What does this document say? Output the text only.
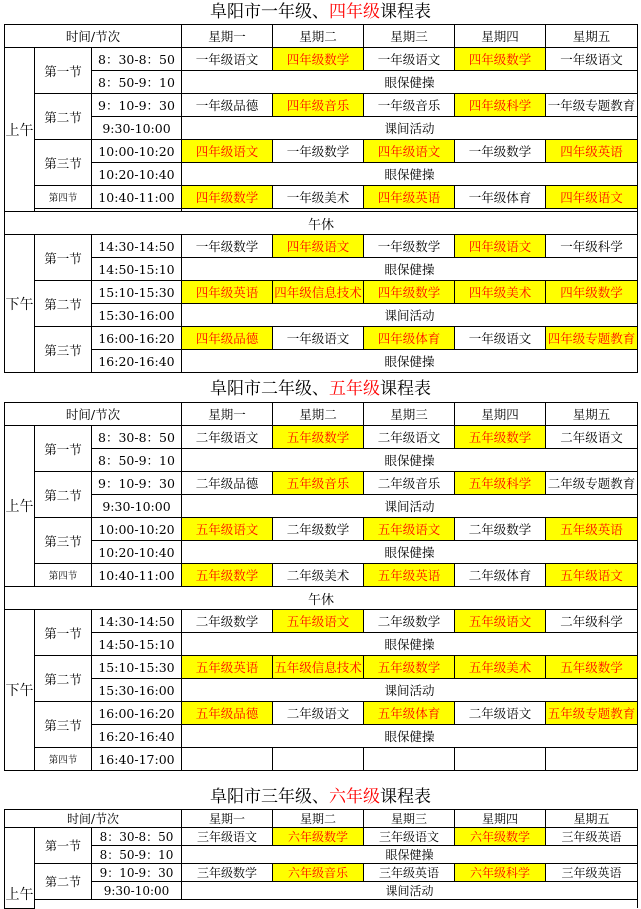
阜阳市一年级、四年级课程表
时间/节次			星期一	星期二	星期三	星期四	星期五
上午	第一节	8：30-8：50	一年级语文	四年级数学	一年级语文	四年级数学	一年级语文
		8：50-9：10	眼保健操				
	第二节	9：10-9：30	一年级品德	四年级音乐	一年级音乐	四年级科学	一年级专题教育
		9:30-10:00	课间活动				
	第三节	10:00-10:20	四年级语文	一年级数学	四年级语文	一年级数学	四年级英语
		10:20-10:40	眼保健操				
	第四节	10:40-11:00	四年级数学	一年级美术	四年级英语	一年级体育	四年级语文

午休							
下午	第一节	14:30-14:50	一年级数学	四年级语文	一年级数学	四年级语文	一年级科学
		14:50-15:10	眼保健操				
	第二节	15:10-15:30	四年级英语	四年级信息技术	四年级数学	四年级美术	四年级数学
		15:30-16:00	课间活动				
	第三节	16:00-16:20	四年级品德	一年级语文	四年级体育	一年级语文	四年级专题教育
		16:20-16:40	眼保健操				
阜阳市二年级、五年级课程表
时间/节次			星期一	星期二	星期三	星期四	星期五
上午	第一节	8：30-8：50	二年级语文	五年级数学	二年级语文	五年级数学	二年级语文
		8：50-9：10	眼保健操				
	第二节	9：10-9：30	二年级品德	五年级音乐	二年级音乐	五年级科学	二年级专题教育
		9:30-10:00	课间活动				
	第三节	10:00-10:20	五年级语文	二年级数学	五年级语文	二年级数学	五年级英语
		10:20-10:40	眼保健操				
	第四节	10:40-11:00	五年级数学	二年级美术	五年级英语	二年级体育	五年级语文
午休							
下午	第一节	14:30-14:50	二年级数学	五年级语文	二年级数学	五年级语文	二年级科学
		14:50-15:10	眼保健操				
	第二节	15:10-15:30	五年级英语	五年级信息技术	五年级数学	五年级美术	五年级数学
		15:30-16:00	课间活动				
	第三节	16:00-16:20	五年级品德	二年级语文	五年级体育	二年级语文	五年级专题教育
		16:20-16:40	眼保健操				
	第四节	16:40-17:00					
阜阳市三年级、六年级课程表
时间/节次			星期一	星期二	星期三	星期四	星期五
上午	第一节	8：30-8：50	三年级语文	六年级数学	三年级语文	六年级数学	三年级英语
		8：50-9：10	眼保健操				
	第二节	9：10-9：30	三年级数学	六年级音乐	三年级英语	六年级科学	三年级英语
		9:30-10:00	课间活动				
